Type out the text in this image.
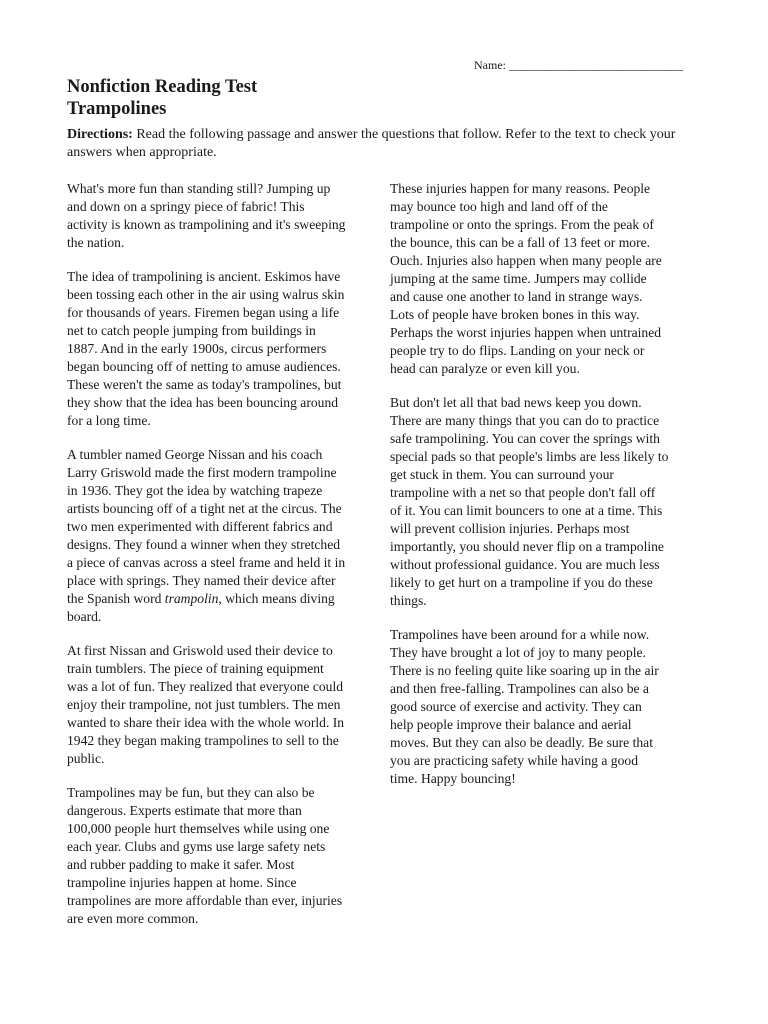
Name: _____________________________
Nonfiction Reading Test
Trampolines
Directions: Read the following passage and answer the questions that follow. Refer to the text to check your answers when appropriate.

What's more fun than standing still? Jumping up
and down on a springy piece of fabric! This
activity is known as trampolining and it's sweeping
the nation.

The idea of trampolining is ancient. Eskimos have
been tossing each other in the air using walrus skin
for thousands of years. Firemen began using a life
net to catch people jumping from buildings in
1887. And in the early 1900s, circus performers
began bouncing off of netting to amuse audiences.
These weren't the same as today's trampolines, but
they show that the idea has been bouncing around
for a long time.

A tumbler named George Nissan and his coach
Larry Griswold made the first modern trampoline
in 1936. They got the idea by watching trapeze
artists bouncing off of a tight net at the circus. The
two men experimented with different fabrics and
designs. They found a winner when they stretched
a piece of canvas across a steel frame and held it in
place with springs. They named their device after
the Spanish word trampolin, which means diving
board.

At first Nissan and Griswold used their device to
train tumblers. The piece of training equipment
was a lot of fun. They realized that everyone could
enjoy their trampoline, not just tumblers. The men
wanted to share their idea with the whole world. In
1942 they began making trampolines to sell to the
public.

Trampolines may be fun, but they can also be
dangerous. Experts estimate that more than
100,000 people hurt themselves while using one
each year. Clubs and gyms use large safety nets
and rubber padding to make it safer. Most
trampoline injuries happen at home. Since
trampolines are more affordable than ever, injuries
are even more common.

These injuries happen for many reasons. People
may bounce too high and land off of the
trampoline or onto the springs. From the peak of
the bounce, this can be a fall of 13 feet or more.
Ouch. Injuries also happen when many people are
jumping at the same time. Jumpers may collide
and cause one another to land in strange ways.
Lots of people have broken bones in this way.
Perhaps the worst injuries happen when untrained
people try to do flips. Landing on your neck or
head can paralyze or even kill you.

But don't let all that bad news keep you down.
There are many things that you can do to practice
safe trampolining. You can cover the springs with
special pads so that people's limbs are less likely to
get stuck in them. You can surround your
trampoline with a net so that people don't fall off
of it. You can limit bouncers to one at a time. This
will prevent collision injuries. Perhaps most
importantly, you should never flip on a trampoline
without professional guidance. You are much less
likely to get hurt on a trampoline if you do these
things.

Trampolines have been around for a while now.
They have brought a lot of joy to many people.
There is no feeling quite like soaring up in the air
and then free-falling. Trampolines can also be a
good source of exercise and activity. They can
help people improve their balance and aerial
moves. But they can also be deadly. Be sure that
you are practicing safety while having a good
time. Happy bouncing!
